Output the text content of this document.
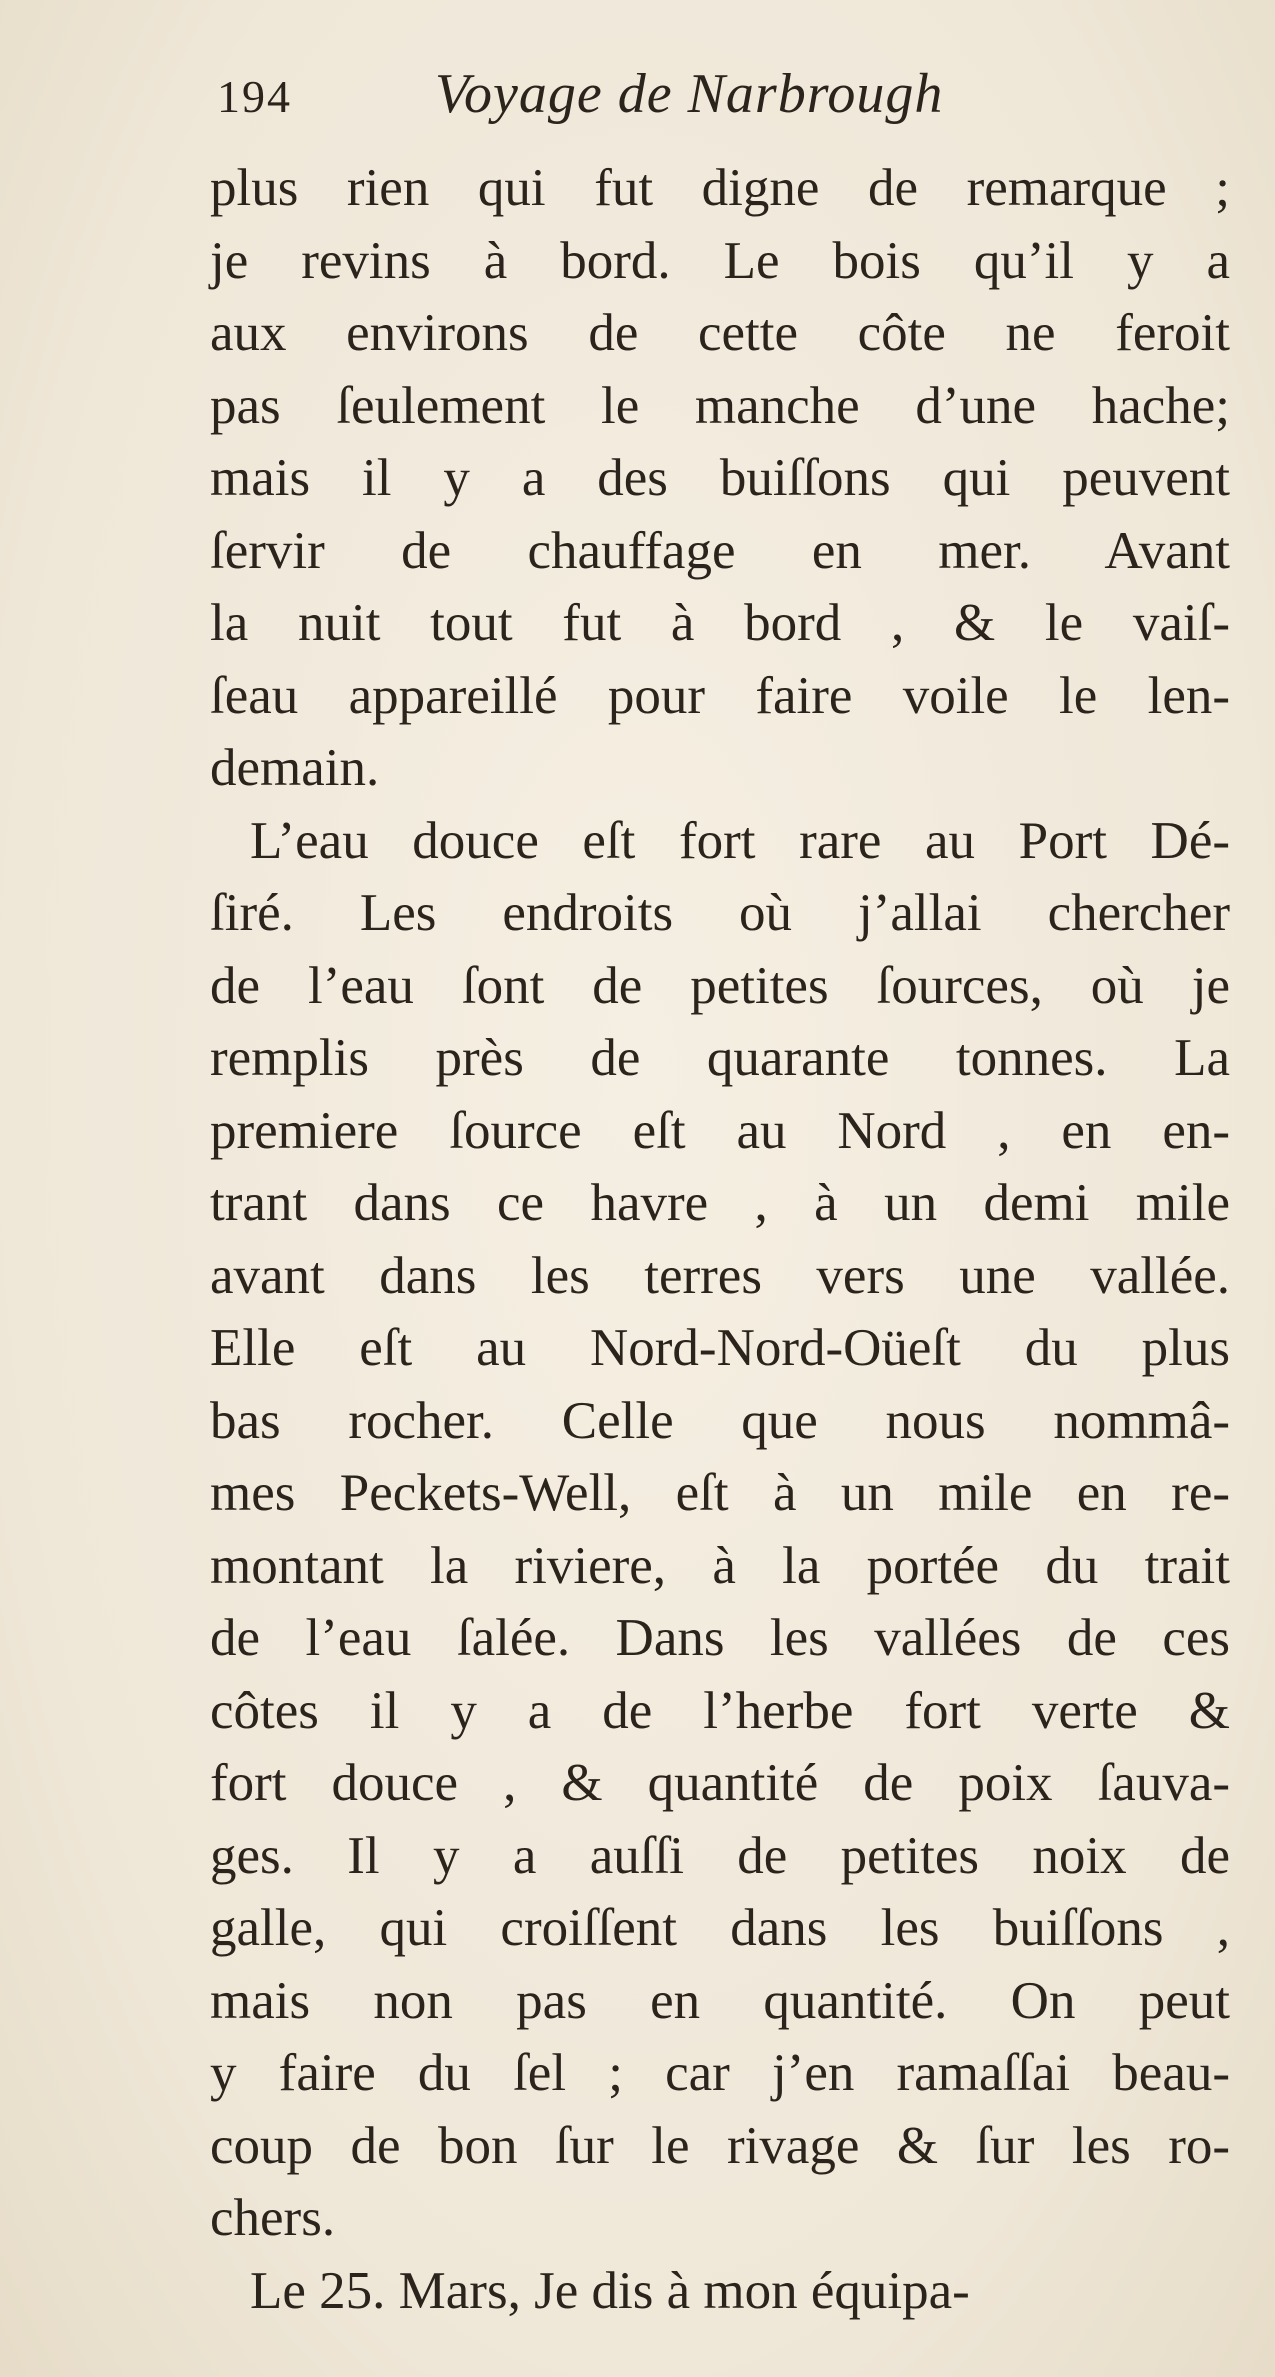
194	Voyage de Narbrough
plus rien qui fut digne de remarque ;
je revins à bord. Le bois qu’il y a
aux environs de cette côte ne feroit
pas ſeulement le manche d’une hache;
mais il y a des buiſſons qui peuvent
ſervir de chauffage en mer. Avant
la nuit tout fut à bord , & le vaiſ-
ſeau appareillé pour faire voile le len-
demain.
L’eau douce eſt fort rare au Port Dé-
ſiré. Les endroits où j’allai chercher
de l’eau ſont de petites ſources, où je
remplis près de quarante tonnes. La
premiere ſource eſt au Nord , en en-
trant dans ce havre , à un demi mile
avant dans les terres vers une vallée.
Elle eſt au Nord-Nord-Oüeſt du plus
bas rocher. Celle que nous nommâ-
mes Peckets-Well, eſt à un mile en re-
montant la riviere, à la portée du trait
de l’eau ſalée. Dans les vallées de ces
côtes il y a de l’herbe fort verte &
fort douce , & quantité de poix ſauva-
ges. Il y a auſſi de petites noix de
galle, qui croiſſent dans les buiſſons ,
mais non pas en quantité. On peut
y faire du ſel ; car j’en ramaſſai beau-
coup de bon ſur le rivage & ſur les ro-
chers.
Le 25. Mars, Je dis à mon équipa-
